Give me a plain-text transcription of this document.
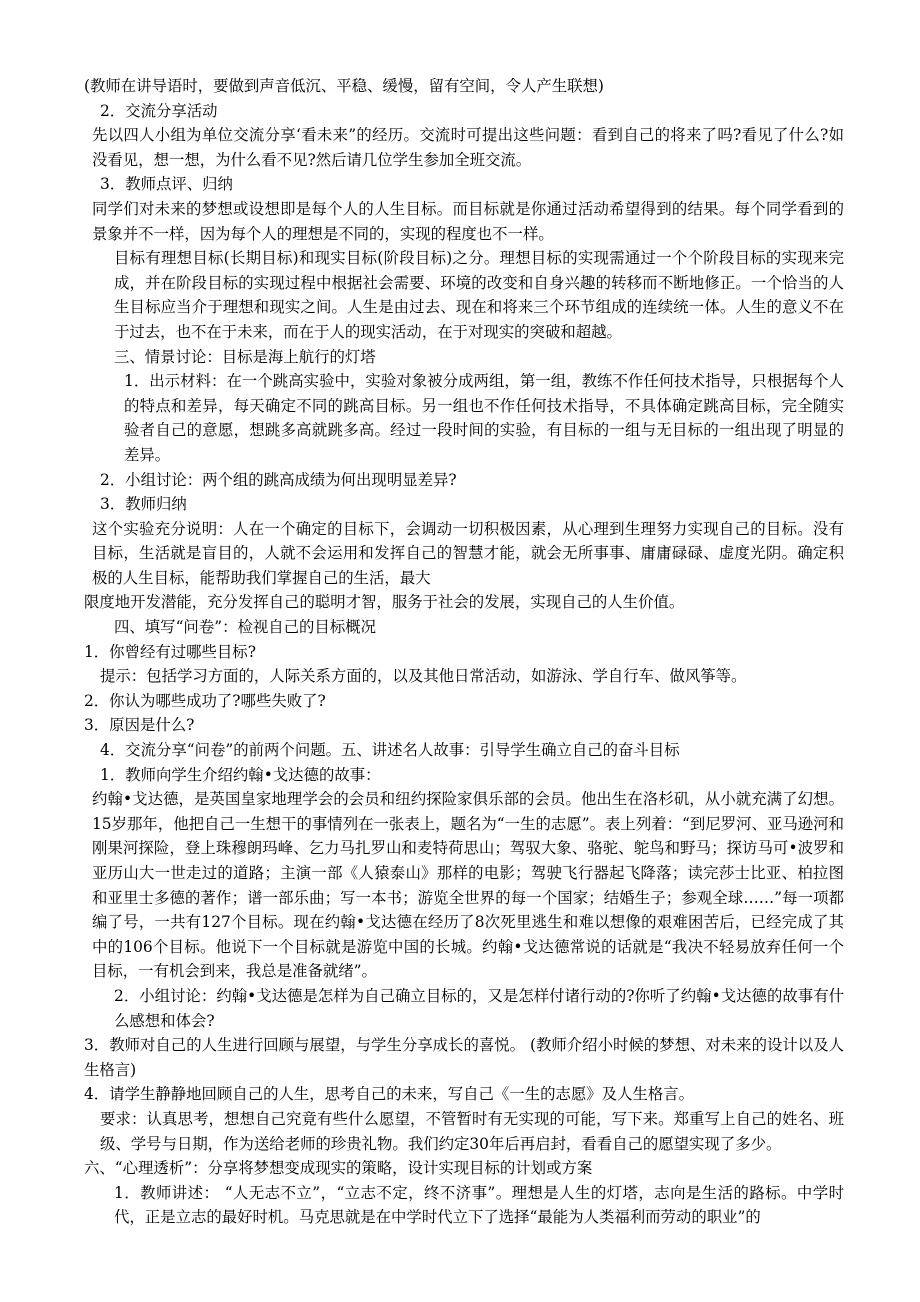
(教师在讲导语时，要做到声音低沉、平稳、缓慢，留有空间，令人产生联想)

2．交流分享活动

先以四人小组为单位交流分享‘看未来”的经历。交流时可提出这些问题：看到自己的将来了吗?看见了什么?如没看见，想一想，为什么看不见?然后请几位学生参加全班交流。

3．教师点评、归纳

同学们对未来的梦想或设想即是每个人的人生目标。而目标就是你通过活动希望得到的结果。每个同学看到的景象并不一样，因为每个人的理想是不同的，实现的程度也不一样。

目标有理想目标(长期目标)和现实目标(阶段目标)之分。理想目标的实现需通过一个个阶段目标的实现来完成，并在阶段目标的实现过程中根据社会需要、环境的改变和自身兴趣的转移而不断地修正。一个恰当的人生目标应当介于理想和现实之间。人生是由过去、现在和将来三个环节组成的连续统一体。人生的意义不在于过去，也不在于未来，而在于人的现实活动，在于对现实的突破和超越。

三、情景讨论：目标是海上航行的灯塔

1．出示材料：在一个跳高实验中，实验对象被分成两组，第一组，教练不作任何技术指导，只根据每个人的特点和差异，每天确定不同的跳高目标。另一组也不作任何技术指导，不具体确定跳高目标，完全随实验者自己的意愿，想跳多高就跳多高。经过一段时间的实验，有目标的一组与无目标的一组出现了明显的差异。

2．小组讨论：两个组的跳高成绩为何出现明显差异?

3．教师归纳

这个实验充分说明：人在一个确定的目标下，会调动一切积极因素，从心理到生理努力实现自己的目标。没有目标，生活就是盲目的，人就不会运用和发挥自己的智慧才能，就会无所事事、庸庸碌碌、虚度光阴。确定积极的人生目标，能帮助我们掌握自己的生活，最大

限度地开发潜能，充分发挥自己的聪明才智，服务于社会的发展，实现自己的人生价值。

四、填写“问卷”：检视自己的目标概况

1．你曾经有过哪些目标?

提示：包括学习方面的，人际关系方面的，以及其他日常活动，如游泳、学自行车、做风筝等。

2．你认为哪些成功了?哪些失败了?

3．原因是什么?

4．交流分享“问卷”的前两个问题。五、讲述名人故事：引导学生确立自己的奋斗目标

1．教师向学生介绍约翰•戈达德的故事：

约翰•戈达德，是英国皇家地理学会的会员和纽约探险家俱乐部的会员。他出生在洛杉矶，从小就充满了幻想。15岁那年，他把自己一生想干的事情列在一张表上，题名为“一生的志愿”。表上列着：“到尼罗河、亚马逊河和刚果河探险，登上珠穆朗玛峰、乞力马扎罗山和麦特荷思山；驾驭大象、骆驼、鸵鸟和野马；探访马可•波罗和亚历山大一世走过的道路；主演一部《人猿泰山》那样的电影；驾驶飞行器起飞降落；读完莎士比亚、柏拉图和亚里士多德的著作；谱一部乐曲；写一本书；游览全世界的每一个国家；结婚生子；参观全球……”每一项都编了号，一共有127个目标。现在约翰•戈达德在经历了8次死里逃生和难以想像的艰难困苦后，已经完成了其中的106个目标。他说下一个目标就是游览中国的长城。约翰•戈达德常说的话就是“我决不轻易放弃任何一个目标，一有机会到来，我总是准备就绪”。

2．小组讨论：约翰•戈达德是怎样为自己确立目标的，又是怎样付诸行动的?你听了约翰•戈达德的故事有什么感想和体会?

3．教师对自己的人生进行回顾与展望，与学生分享成长的喜悦。 (教师介绍小时候的梦想、对未来的设计以及人生格言)

4．请学生静静地回顾自己的人生，思考自己的未来，写自己《一生的志愿》及人生格言。

要求：认真思考，想想自己究竟有些什么愿望，不管暂时有无实现的可能，写下来。郑重写上自己的姓名、班级、学号与日期，作为送给老师的珍贵礼物。我们约定30年后再启封，看看自己的愿望实现了多少。

六、“心理透析”：分享将梦想变成现实的策略，设计实现目标的计划或方案

1．教师讲述： “人无志不立”，“立志不定，终不济事”。理想是人生的灯塔，志向是生活的路标。中学时代，正是立志的最好时机。马克思就是在中学时代立下了选择“最能为人类福利而劳动的职业”的
